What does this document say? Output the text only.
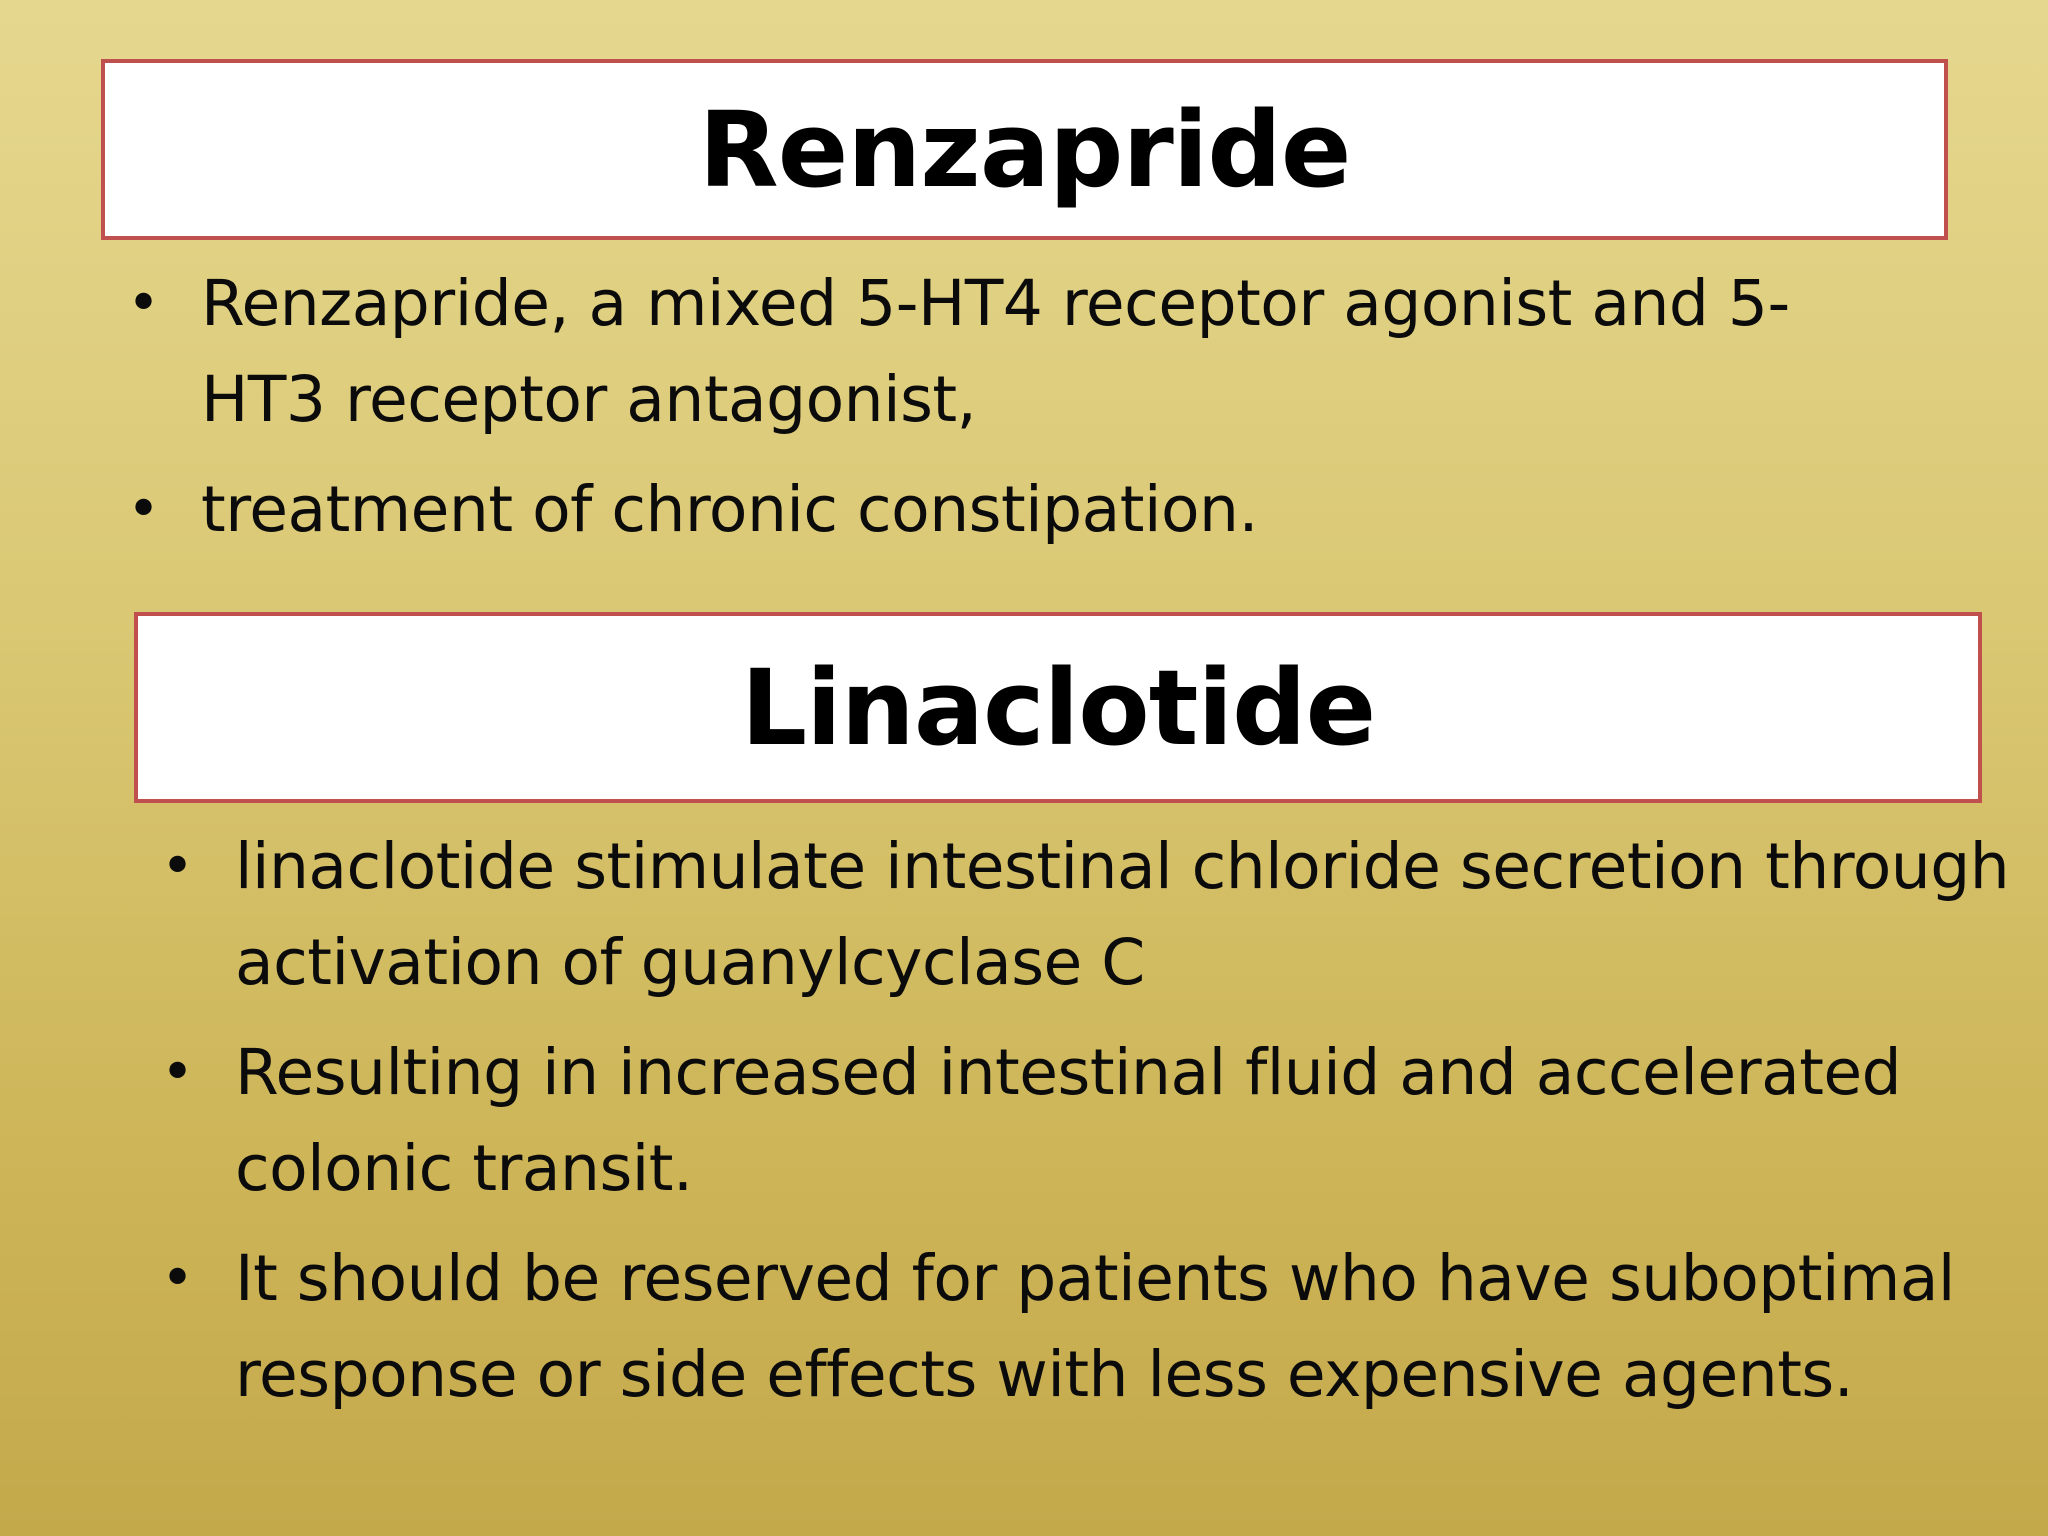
Renzapride
• Renzapride, a mixed 5-HT4 receptor agonist and 5-HT3 receptor antagonist,
• treatment of chronic constipation.
Linaclotide
• linaclotide stimulate intestinal chloride secretion through activation of guanylcyclase C
• Resulting in increased intestinal fluid and accelerated colonic transit.
• It should be reserved for patients who have suboptimal response or side effects with less expensive agents.
